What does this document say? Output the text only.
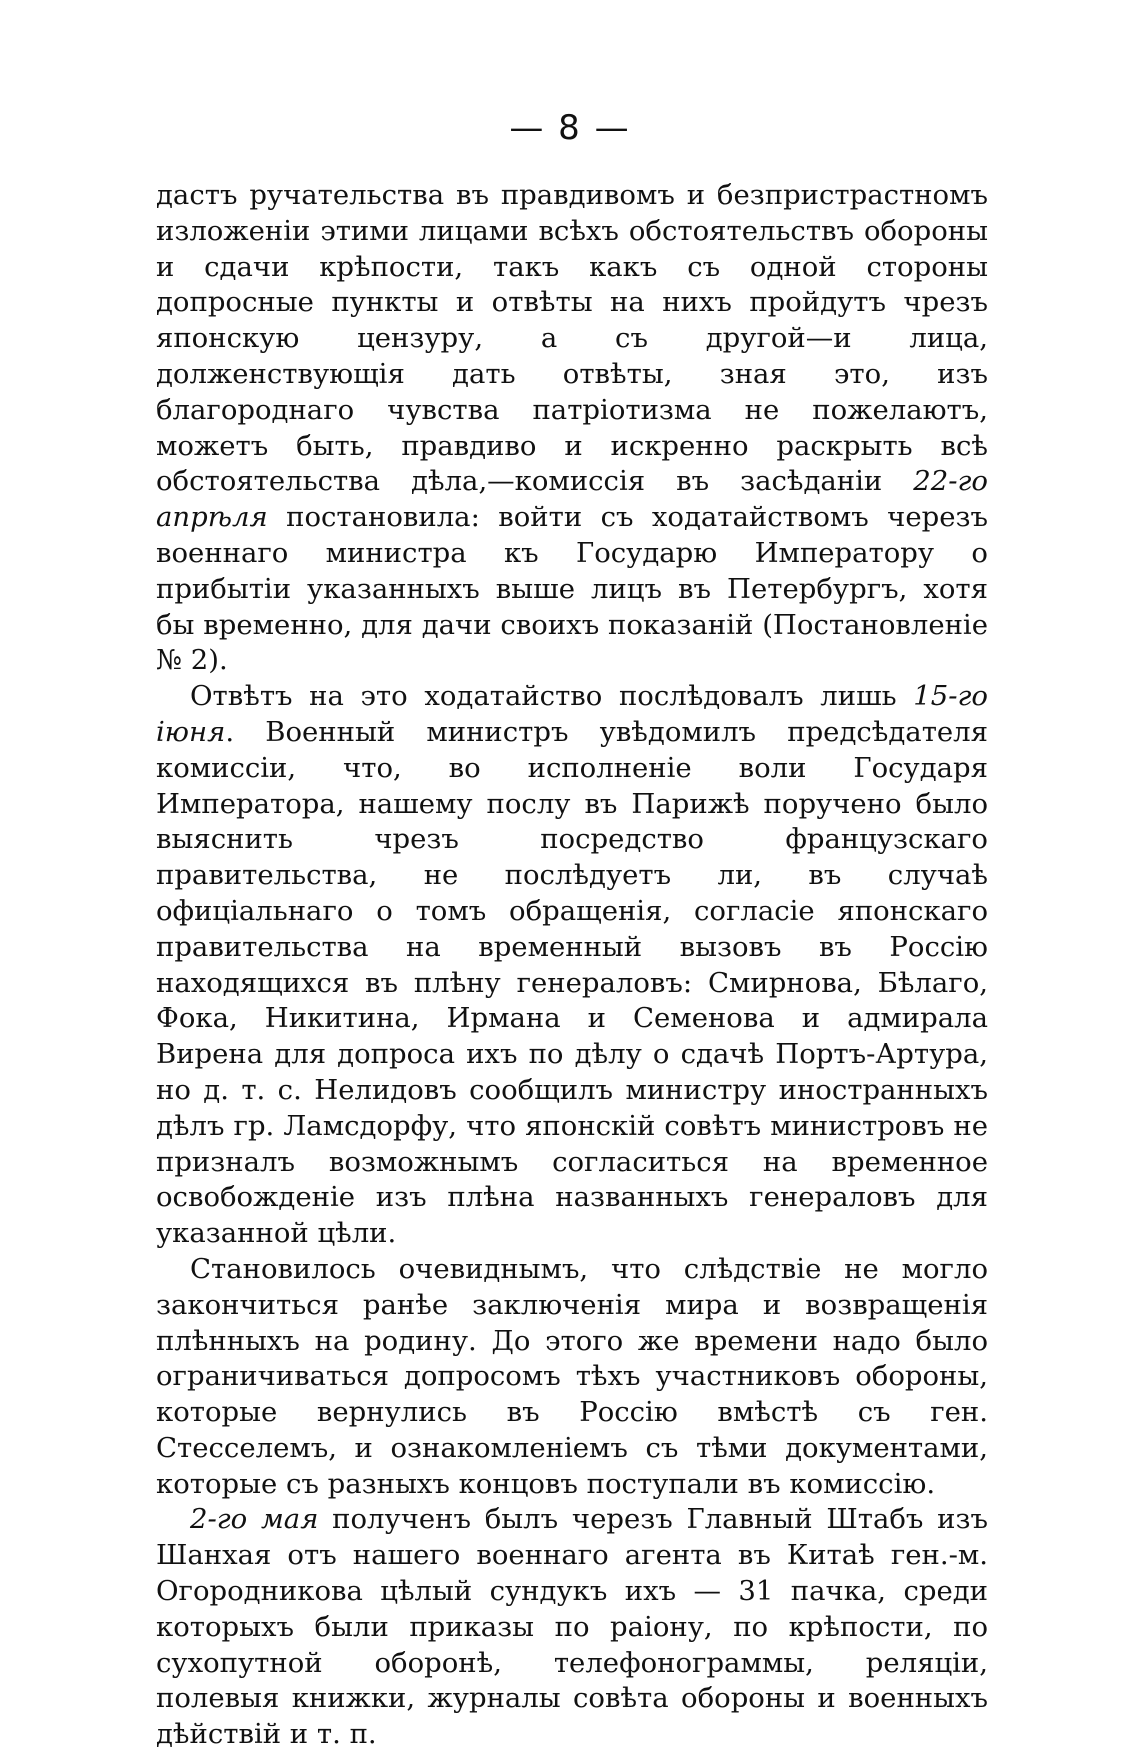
— 8 —

дастъ ручательства въ правдивомъ и безпристрастномъ изложенiи этими лицами всѣхъ обстоятельствъ обороны и сдачи крѣпости, такъ какъ съ одной стороны допросные пункты и отвѣты на нихъ пройдутъ чрезъ японскую цензуру, а съ другой—и лица, долженствующiя дать отвѣты, зная это, изъ благороднаго чувства патрiотизма не пожелаютъ, можетъ быть, правдиво и искренно раскрыть всѣ обстоятельства дѣла,—комиссiя въ засѣданiи 22-го апрѣля постановила: войти съ ходатайствомъ черезъ военнаго министра къ Государю Императору о прибытiи указанныхъ выше лицъ въ Петербургъ, хотя бы временно, для дачи своихъ показанiй (Постановленiе № 2).

Отвѣтъ на это ходатайство послѣдовалъ лишь 15-го iюня. Военный министръ увѣдомилъ предсѣдателя комиссiи, что, во исполненiе воли Государя Императора, нашему послу въ Парижѣ поручено было выяснить чрезъ посредство французскаго правительства, не послѣдуетъ ли, въ случаѣ офицiальнаго о томъ обращенiя, согласiе японскаго правительства на временный вызовъ въ Россiю находящихся въ плѣну генераловъ: Смирнова, Бѣлаго, Фока, Никитина, Ирмана и Семенова и адмирала Вирена для допроса ихъ по дѣлу о сдачѣ Портъ-Артура, но д. т. с. Нелидовъ сообщилъ министру иностранныхъ дѣлъ гр. Ламсдорфу, что японскiй совѣтъ министровъ не призналъ возможнымъ согласиться на временное освобожденiе изъ плѣна названныхъ генераловъ для указанной цѣли.

Становилось очевиднымъ, что слѣдствiе не могло закончиться ранѣе заключенiя мира и возвращенiя плѣнныхъ на родину. До этого же времени надо было ограничиваться допросомъ тѣхъ участниковъ обороны, которые вернулись въ Россiю вмѣстѣ съ ген. Стесселемъ, и ознакомленiемъ съ тѣми документами, которые съ разныхъ концовъ поступали въ комиссiю.

2-го мая полученъ былъ черезъ Главный Штабъ изъ Шанхая отъ нашего военнаго агента въ Китаѣ ген.-м. Огородникова цѣлый сундукъ ихъ — 31 пачка, среди которыхъ были приказы по раiону, по крѣпости, по сухопутной оборонѣ, телефонограммы, реляцiи, полевыя книжки, журналы совѣта обороны и военныхъ дѣйствiй и т. п.
